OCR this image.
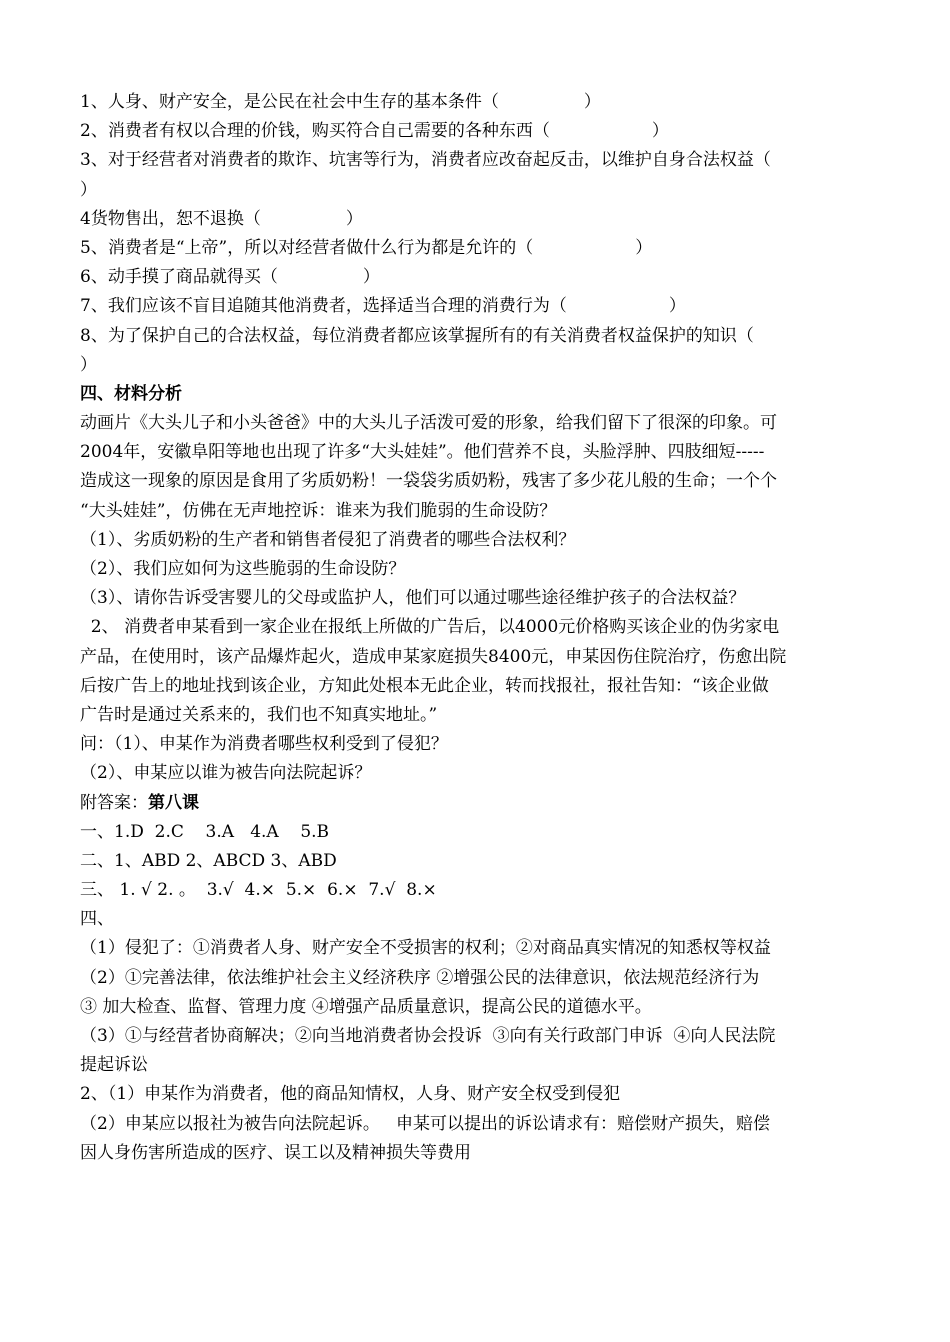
1、人身、财产安全，是公民在社会中生存的基本条件（　　　　　）
2、消费者有权以合理的价钱，购买符合自己需要的各种东西（　　　　　　）
3、对于经营者对消费者的欺诈、坑害等行为，消费者应改奋起反击，以维护自身合法权益（
）
4货物售出，恕不退换（　　　　　）
5、消费者是“上帝”，所以对经营者做什么行为都是允许的（　　　　　　）
6、动手摸了商品就得买（　　　　　）
7、我们应该不盲目追随其他消费者，选择适当合理的消费行为（　　　　　　）
8、为了保护自己的合法权益，每位消费者都应该掌握所有的有关消费者权益保护的知识（
）
四、材料分析
动画片《大头儿子和小头爸爸》中的大头儿子活泼可爱的形象，给我们留下了很深的印象。可
2004年，安徽阜阳等地也出现了许多“大头娃娃”。他们营养不良，头脸浮肿、四肢细短-----
造成这一现象的原因是食用了劣质奶粉！一袋袋劣质奶粉，残害了多少花儿般的生命；一个个
“大头娃娃”，仿佛在无声地控诉：谁来为我们脆弱的生命设防？
（1）、劣质奶粉的生产者和销售者侵犯了消费者的哪些合法权利？
（2）、我们应如何为这些脆弱的生命设防？
（3）、请你告诉受害婴儿的父母或监护人，他们可以通过哪些途径维护孩子的合法权益？
2、 消费者申某看到一家企业在报纸上所做的广告后，以4000元价格购买该企业的伪劣家电
产品，在使用时，该产品爆炸起火，造成申某家庭损失8400元，申某因伤住院治疗，伤愈出院
后按广告上的地址找到该企业，方知此处根本无此企业，转而找报社，报社告知：“该企业做
广告时是通过关系来的，我们也不知真实地址。”
问：（1）、申某作为消费者哪些权利受到了侵犯？
（2）、申某应以谁为被告向法院起诉？
附答案：第八课
一、1.D  2.C    3.A   4.A    5.B
二、1、ABD 2、ABCD 3、ABD
三、 1. √ 2. 。  3.√  4.×  5.×  6.×  7.√  8.×
四、
（1）侵犯了：①消费者人身、财产安全不受损害的权利；②对商品真实情况的知悉权等权益
（2）①完善法律，依法维护社会主义经济秩序 ②增强公民的法律意识，依法规范经济行为
③ 加大检查、监督、管理力度 ④增强产品质量意识，提高公民的道德水平。
（3）①与经营者协商解决；②向当地消费者协会投诉  ③向有关行政部门申诉  ④向人民法院
提起诉讼
2、（1）申某作为消费者，他的商品知情权，人身、财产安全权受到侵犯
（2）申某应以报社为被告向法院起诉。   申某可以提出的诉讼请求有：赔偿财产损失，赔偿
因人身伤害所造成的医疗、误工以及精神损失等费用
